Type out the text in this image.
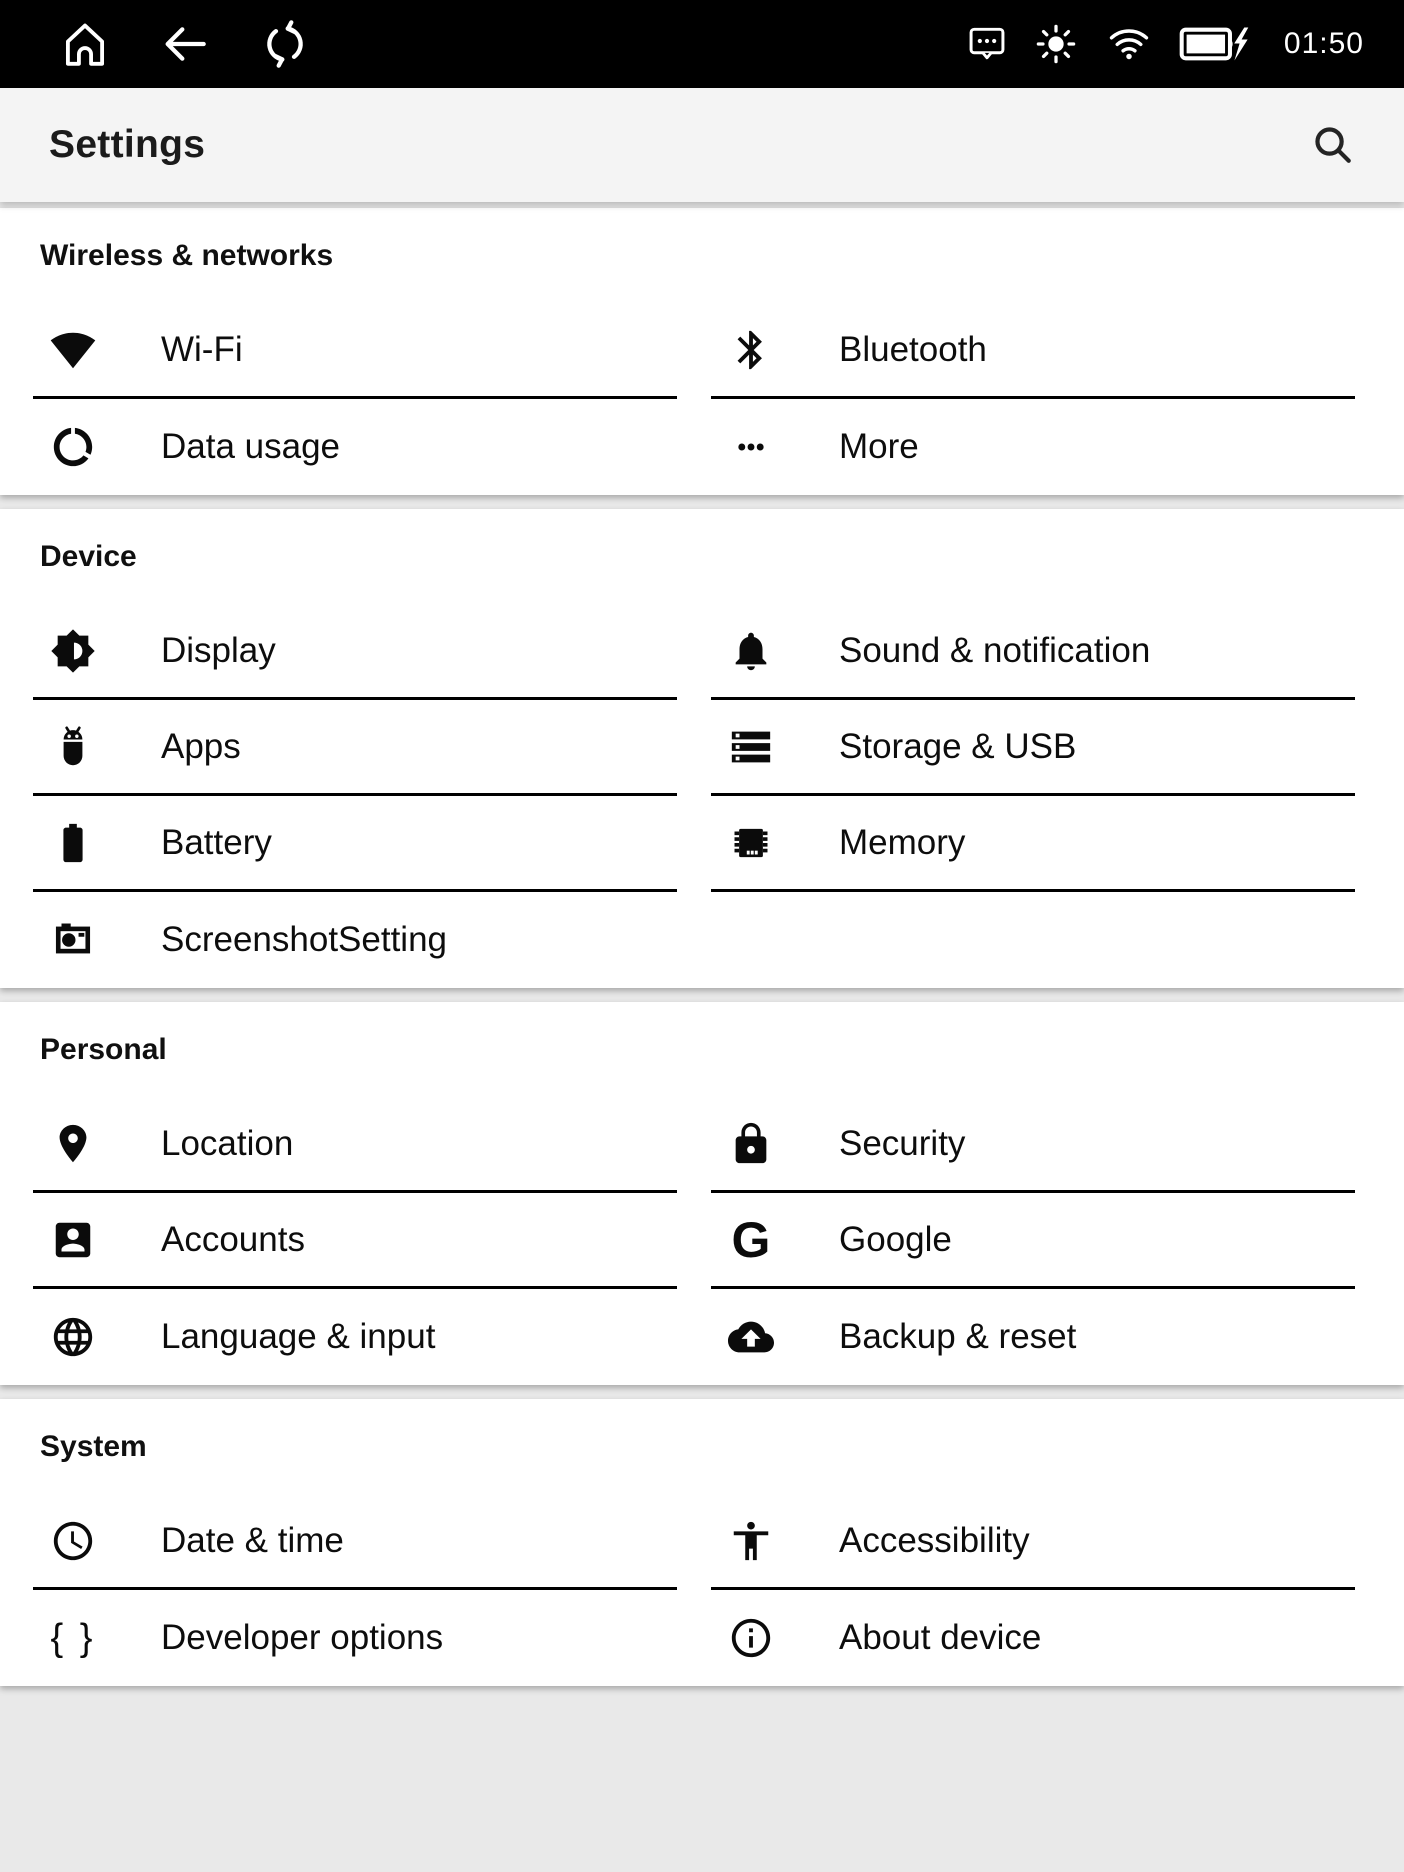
01:50
Settings
Wireless & networks
Wi-Fi
Data usage
Bluetooth
More
Device
Display
Apps
Battery
ScreenshotSetting
Sound & notification
Storage & USB
Memory
Personal
Location
Accounts
Language & input
Security
G Google
Backup & reset
System
Date & time
{ } Developer options
Accessibility
About device
